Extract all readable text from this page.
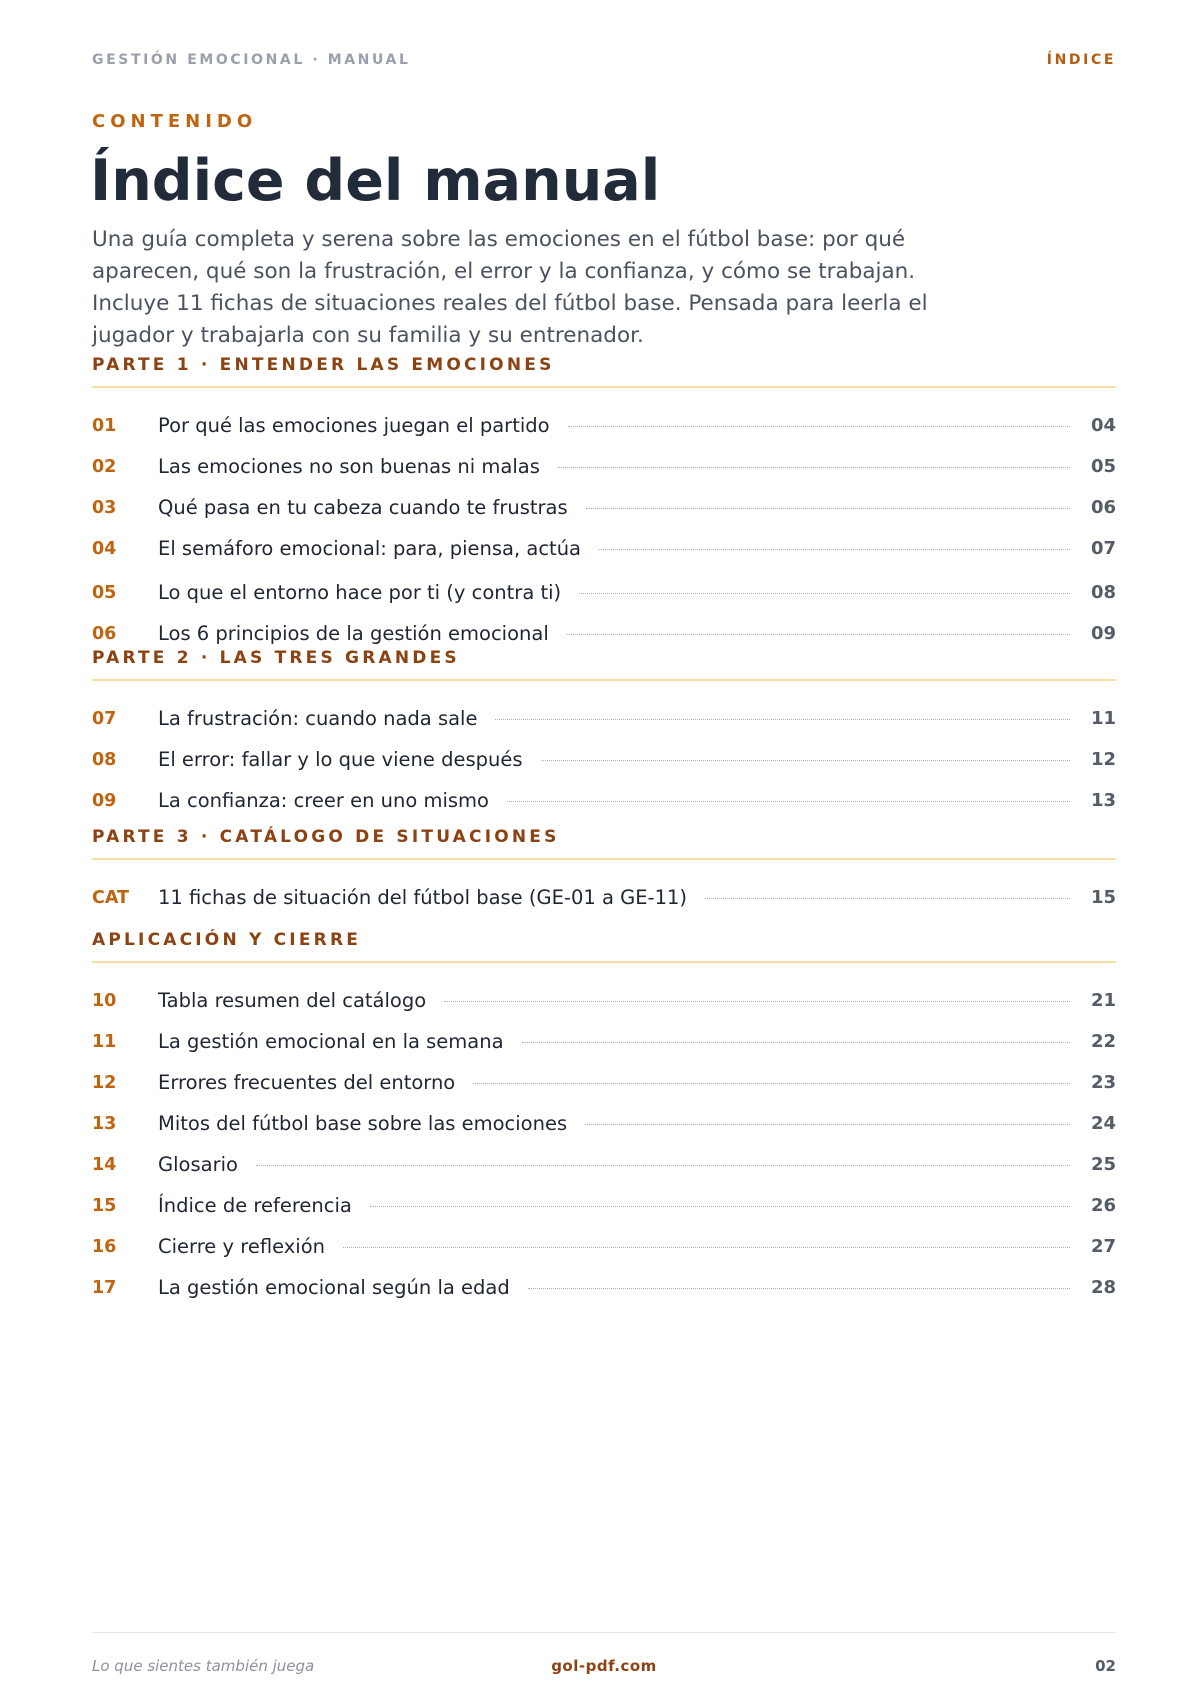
GESTIÓN EMOCIONAL · MANUAL	ÍNDICE
CONTENIDO
Índice del manual

Una guía completa y serena sobre las emociones en el fútbol base: por qué aparecen, qué son la frustración, el error y la confianza, y cómo se trabajan. Incluye 11 fichas de situaciones reales del fútbol base. Pensada para leerla el jugador y trabajarla con su familia y su entrenador.

PARTE 1 · ENTENDER LAS EMOCIONES
01	Por qué las emociones juegan el partido	04
02	Las emociones no son buenas ni malas	05
03	Qué pasa en tu cabeza cuando te frustras	06
04	El semáforo emocional: para, piensa, actúa	07
05	Lo que el entorno hace por ti (y contra ti)	08
06	Los 6 principios de la gestión emocional	09
PARTE 2 · LAS TRES GRANDES
07	La frustración: cuando nada sale	11
08	El error: fallar y lo que viene después	12
09	La confianza: creer en uno mismo	13
PARTE 3 · CATÁLOGO DE SITUACIONES
CAT	11 fichas de situación del fútbol base (GE-01 a GE-11)	15
APLICACIÓN Y CIERRE
10	Tabla resumen del catálogo	21
11	La gestión emocional en la semana	22
12	Errores frecuentes del entorno	23
13	Mitos del fútbol base sobre las emociones	24
14	Glosario	25
15	Índice de referencia	26
16	Cierre y reflexión	27
17	La gestión emocional según la edad	28
Lo que sientes también juega	gol-pdf.com	02
